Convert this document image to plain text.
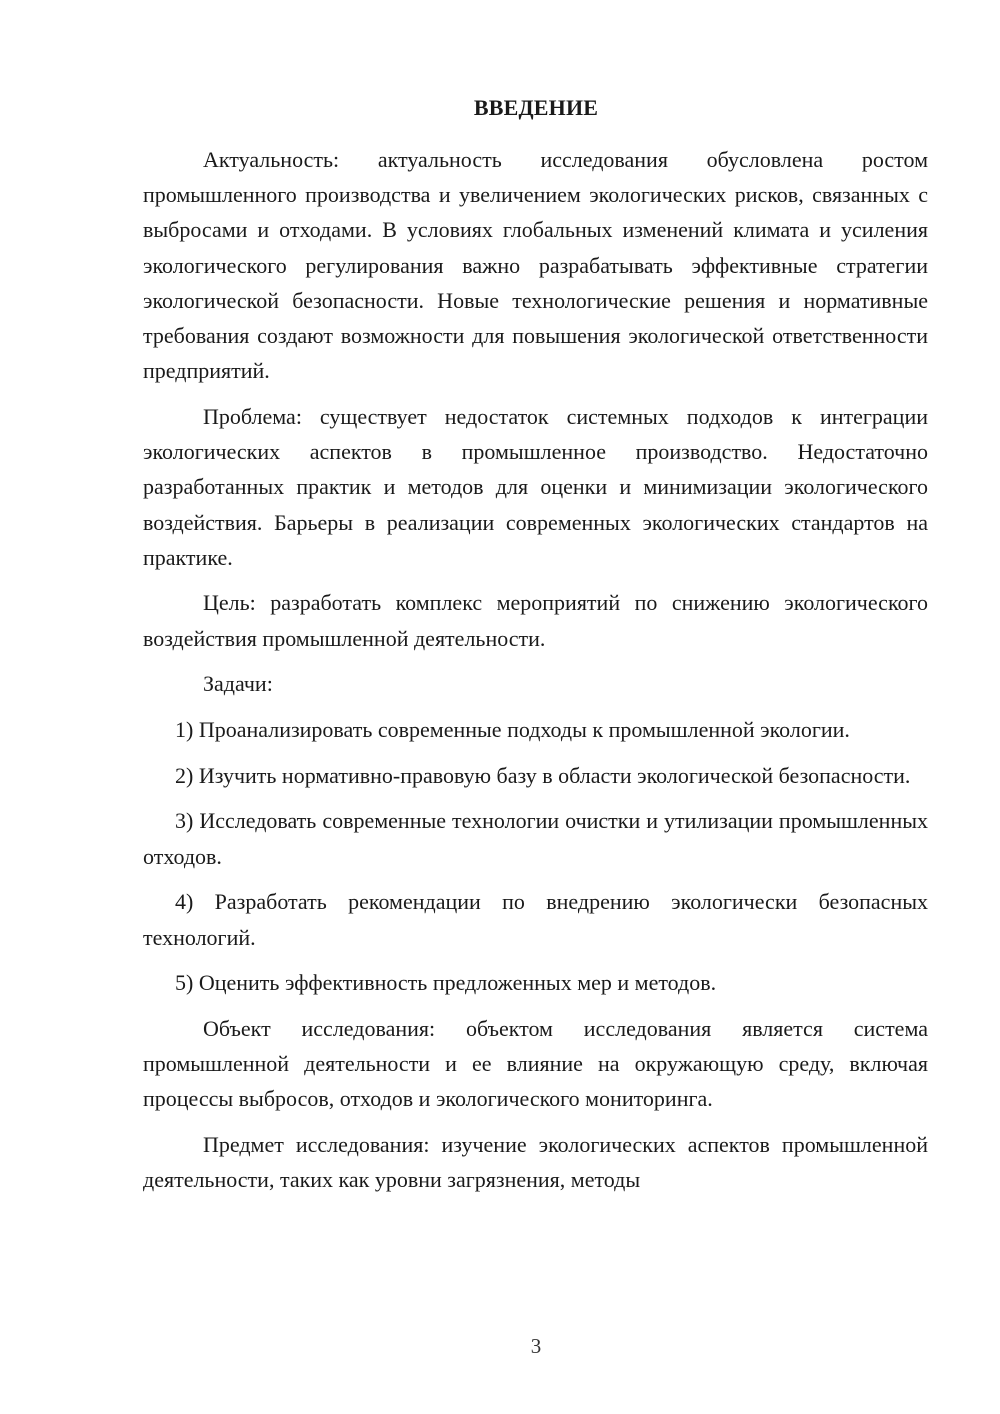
ВВЕДЕНИЕ

Актуальность: актуальность исследования обусловлена ростом промышленного производства и увеличением экологических рисков, связанных с выбросами и отходами. В условиях глобальных изменений климата и усиления экологического регулирования важно разрабатывать эффективные стратегии экологической безопасности. Новые технологические решения и нормативные требования создают возможности для повышения экологической ответственности предприятий.

Проблема: существует недостаток системных подходов к интеграции экологических аспектов в промышленное производство. Недостаточно разработанных практик и методов для оценки и минимизации экологического воздействия. Барьеры в реализации современных экологических стандартов на практике.

Цель: разработать комплекс мероприятий по снижению экологического воздействия промышленной деятельности.

Задачи:

1) Проанализировать современные подходы к промышленной экологии.

2) Изучить нормативно-правовую базу в области экологической безопасности.

3) Исследовать современные технологии очистки и утилизации промышленных отходов.

4) Разработать рекомендации по внедрению экологически безопасных технологий.

5) Оценить эффективность предложенных мер и методов.

Объект исследования: объектом исследования является система промышленной деятельности и ее влияние на окружающую среду, включая процессы выбросов, отходов и экологического мониторинга.

Предмет исследования: изучение экологических аспектов промышленной деятельности, таких как уровни загрязнения, методы

3
